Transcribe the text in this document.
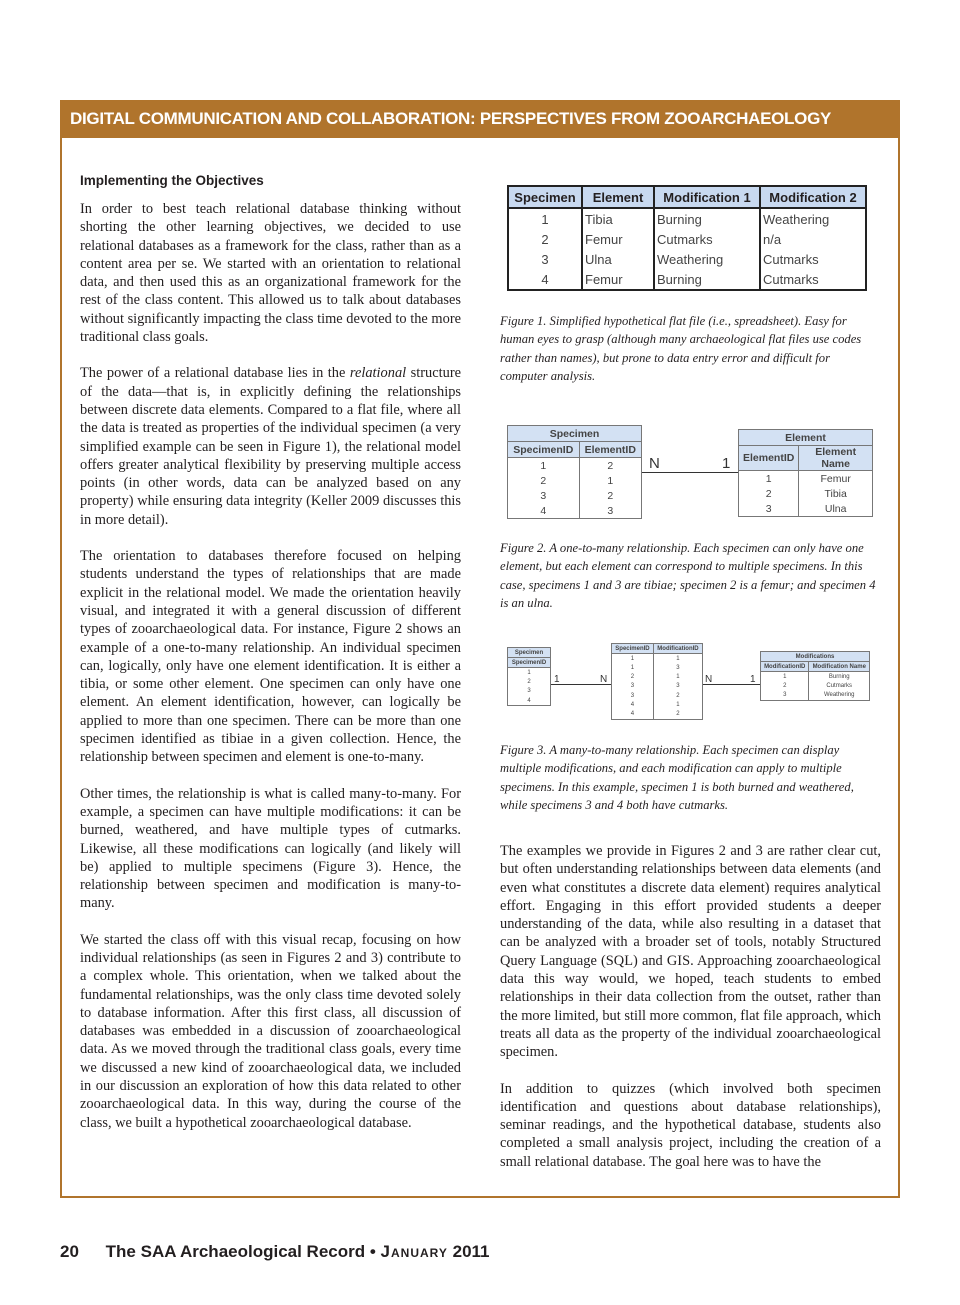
DIGITAL COMMUNICATION AND COLLABORATION: PERSPECTIVES FROM ZOOARCHAEOLOGY
Implementing the Objectives

In order to best teach relational database thinking without shorting the other learning objectives, we decided to use relational databases as a framework for the class, rather than as a content area per se. We started with an orientation to relational data, and then used this as an organizational framework for the rest of the class content. This allowed us to talk about databases without significantly impacting the class time devoted to the more traditional class goals.

The power of a relational database lies in the relational structure of the data—that is, in explicitly defining the relationships between discrete data elements. Compared to a flat file, where all the data is treated as properties of the individual specimen (a very simplified example can be seen in Figure 1), the relational model offers greater analytical flexibility by preserving multiple access points (in other words, data can be analyzed based on any property) while ensuring data integrity (Keller 2009 discusses this in more detail).

The orientation to databases therefore focused on helping students understand the types of relationships that are made explicit in the relational model. We made the orientation heavily visual, and integrated it with a general discussion of different types of zooarchaeological data. For instance, Figure 2 shows an example of a one-to-many relationship. An individual specimen can, logically, only have one element identification. It is either a tibia, or some other element. One specimen can only have one element. An element identification, however, can logically be applied to more than one specimen. There can be more than one specimen identified as tibiae in a given collection. Hence, the relationship between specimen and element is one-to-many.

Other times, the relationship is what is called many-to-many. For example, a specimen can have multiple modifications: it can be burned, weathered, and have multiple types of cutmarks. Likewise, all these modifications can logically (and likely will be) applied to multiple specimens (Figure 3). Hence, the relationship between specimen and modification is many-to-many.

We started the class off with this visual recap, focusing on how individual relationships (as seen in Figures 2 and 3) contribute to a complex whole. This orientation, when we talked about the fundamental relationships, was the only class time devoted solely to database information. After this first class, all discussion of databases was embedded in a discussion of zooarchaeological data. As we moved through the traditional class goals, every time we discussed a new kind of zooarchaeological data, we included in our discussion an exploration of how this data related to other zooarchaeological data. In this way, during the course of the class, we built a hypothetical zooarchaeological database.

Specimen	Element	Modification 1	Modification 2
1	Tibia	Burning	Weathering
2	Femur	Cutmarks	n/a
3	Ulna	Weathering	Cutmarks
4	Femur	Burning	Cutmarks
Figure 1. Simplified hypothetical flat file (i.e., spreadsheet). Easy for human eyes to grasp (although many archaeological flat files use codes rather than names), but prone to data entry error and difficult for computer analysis.
Specimen	
SpecimenID	ElementID
1	2
2	1
3	2
4	3
N	1
Element	
ElementID	Element Name
1	Femur
2	Tibia
3	Ulna
Figure 2. A one-to-many relationship. Each specimen can only have one element, but each element can correspond to multiple specimens. In this case, specimens 1 and 3 are tibiae; specimen 2 is a femur; and specimen 4 is an ulna.
Specimen
SpecimenID
1
2
3
4
1	N
SpecimenID	ModificationID
1	1
1	3
2	1
3	3
3	2
4	1
4	2
N	1
Modifications	
ModificationID	Modification Name
1	Burning
2	Cutmarks
3	Weathering
Figure 3. A many-to-many relationship. Each specimen can display multiple modifications, and each modification can apply to multiple specimens. In this example, specimen 1 is both burned and weathered, while specimens 3 and 4 both have cutmarks.

The examples we provide in Figures 2 and 3 are rather clear cut, but often understanding relationships between data elements (and even what constitutes a discrete data element) requires analytical effort. Engaging in this effort provided students a deeper understanding of the data, while also resulting in a dataset that can be analyzed with a broader set of tools, notably Structured Query Language (SQL) and GIS. Approaching zooarchaeological data this way would, we hoped, teach students to embed relationships in their data collection from the outset, rather than the more limited, but still more common, flat file approach, which treats all data as the property of the individual zooarchaeological specimen.

In addition to quizzes (which involved both specimen identification and questions about database relationships), seminar readings, and the hypothetical database, students also completed a small analysis project, including the creation of a small relational database. The goal here was to have the

20 The SAA Archaeological Record • January 2011
